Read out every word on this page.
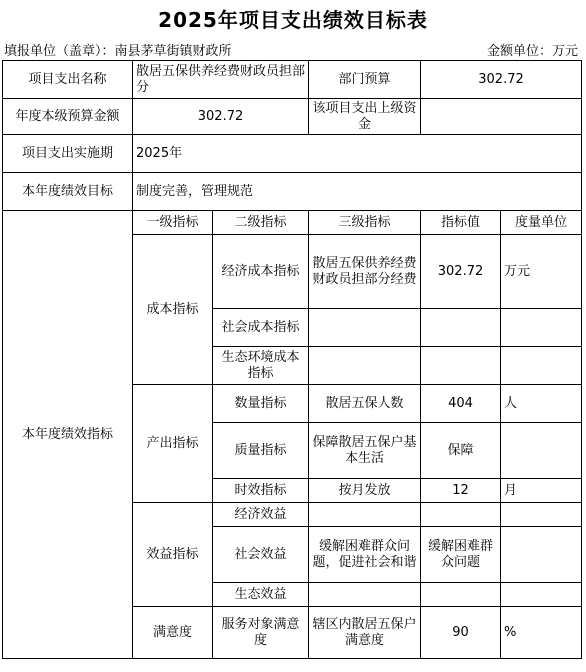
2025年项目支出绩效目标表
填报单位（盖章）：南县茅草街镇财政所	金额单位：万元
项目支出名称	散居五保供养经费财政员担部分		部门预算	302.72	
年度本级预算金额	302.72		该项目支出上级资金		
项目支出实施期	2025年				
本年度绩效目标	制度完善，管理规范				
本年度绩效指标	一级指标	二级指标	三级指标	指标值	度量单位
	成本指标	经济成本指标	散居五保供养经费财政员担部分经费	302.72	万元
		社会成本指标			
		生态环境成本指标			
	产出指标	数量指标	散居五保人数	404	人
		质量指标	保障散居五保户基本生活	保障	
		时效指标	按月发放	12	月
	效益指标	经济效益			
		社会效益	缓解困难群众问题，促进社会和谐	缓解困难群众问题	
		生态效益			
	满意度	服务对象满意度	辖区内散居五保户满意度	90	%
